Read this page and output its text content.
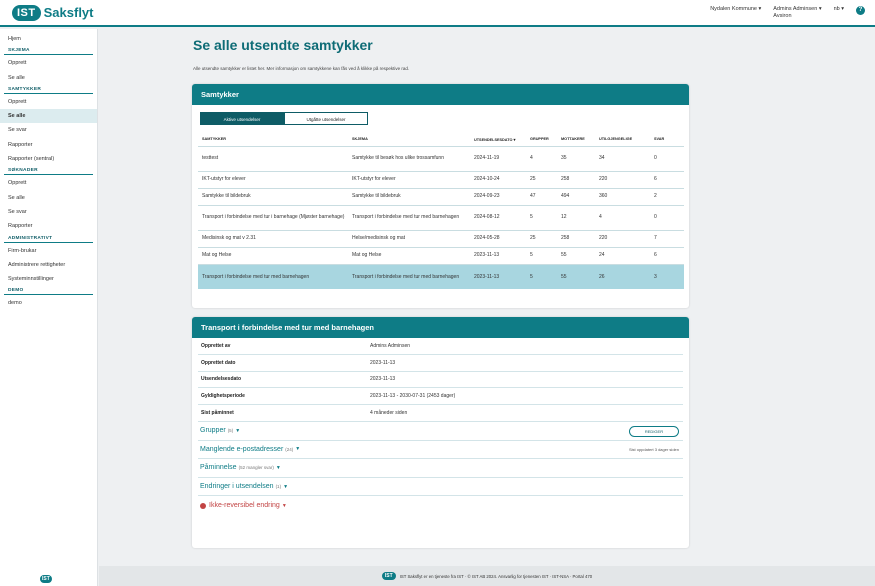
IST Saksflyt	Nydalen Kommune ▾ Admins Adminsen ▾
Avsiron
nb ▾	?
Hjem
SKJEMA
Opprett
Se alle
SAMTYKKER
Opprett
Se alle
Se svar
Rapporter
Rapporter (sentral)
SØKNADER
Opprett
Se alle
Se svar
Rapporter
ADMINISTRATIVT
Firm-brukar
Administrere rettigheter
Systeminnstillinger
DEMO
demo
IST
Se alle utsendte samtykker
Alle utsendte samtykker er listet her. Mer informasjon om samtykkene kan fås ved å klikke på respektive rad.
Samtykker
Aktive utsendelser	Utgåtte utsendelser
SAMTYKKER	SKJEMA	UTSENDELSESDATO ▾	GRUPPER	MOTTAKERE	UTILGJENGELIGE	SVAR
testtest	Samtykke til besøk hos ulike trossamfunn	2024-11-19	4	35	34	0
IKT-utstyr for elever	IKT-utstyr for elever	2024-10-24	25	258	220	6
Samtykke til bildebruk	Samtykke til bildebruk	2024-09-23	47	494	360	2
Transport i forbindelse med tur i barnehage (Mjøster barnehage)	Transport i forbindelse med tur med barnehagen	2024-08-12	5	12	4	0
Medisinsk og mat v 2.31	Helse/medisinsk og mat	2024-05-28	25	258	220	7
Mat og Helse	Mat og Helse	2023-11-13	5	55	24	6
Transport i forbindelse med tur med barnehagen	Transport i forbindelse med tur med barnehagen	2023-11-13	5	55	26	3
Transport i forbindelse med tur med barnehagen
Opprettet av	Admins Adminsen
Opprettet dato	2023-11-13
Utsendelsesdato	2023-11-13
Gyldighetsperiode	2023-11-13 - 2030-07-31 (2453 dager)
Sist påminnet	4 måneder siden
Grupper (5) ▼	REDIGER
Manglende e-postadresser (24) ▼	Sist oppdatert 3 dager siden
Påminnelse (52 mangler svar) ▼
Endringer i utsendelsen (1) ▼
Ikke-reversibel endring ▼
IST	IST Saksflyt er en tjeneste fra IST · © IST AB 2024. Ansvarlig for tjenesten IST · IST-NSA · Portal 470
